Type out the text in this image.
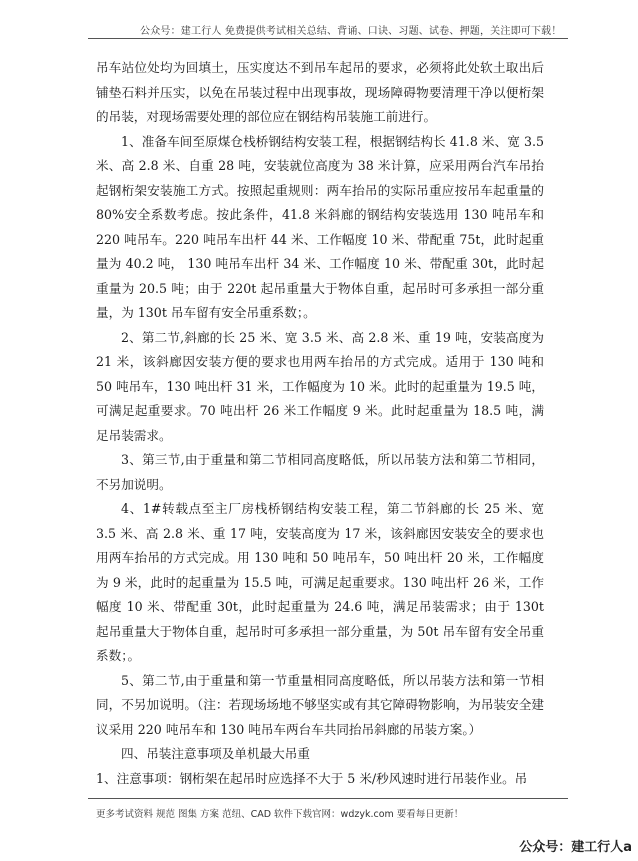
公众号：建工行人 免费提供考试相关总结、背诵、口诀、习题、试卷、押题，关注即可下载！

吊车站位处均为回填土，压实度达不到吊车起吊的要求，必须将此处软土取出后铺垫石料并压实，以免在吊装过程中出现事故，现场障碍物要清理干净以便桁架的吊装，对现场需要处理的部位应在钢结构吊装施工前进行。

1、准备车间至原煤仓栈桥钢结构安装工程，根据钢结构长 41.8 米、宽 3.5 米、高 2.8 米、自重 28 吨，安装就位高度为 38 米计算，应采用两台汽车吊抬起钢桁架安装施工方式。按照起重规则：两车抬吊的实际吊重应按吊车起重量的 80%安全系数考虑。按此条件，41.8 米斜廊的钢结构安装选用 130 吨吊车和 220 吨吊车。220 吨吊车出杆 44 米、工作幅度 10 米、带配重 75t，此时起重量为 40.2 吨， 130 吨吊车出杆 34 米、工作幅度 10 米、带配重 30t，此时起重量为 20.5 吨；由于 220t 起吊重量大于物体自重，起吊时可多承担一部分重量，为 130t 吊车留有安全吊重系数；。

2、第二节,斜廊的长 25 米、宽 3.5 米、高 2.8 米、重 19 吨，安装高度为 21 米，该斜廊因安装方便的要求也用两车抬吊的方式完成。适用于 130 吨和 50 吨吊车，130 吨出杆 31 米，工作幅度为 10 米。此时的起重量为 19.5 吨，可满足起重要求。70 吨出杆 26 米工作幅度 9 米。此时起重量为 18.5 吨，满足吊装需求。

3、第三节,由于重量和第二节相同高度略低，所以吊装方法和第二节相同，不另加说明。

4、1#转载点至主厂房栈桥钢结构安装工程，第二节斜廊的长 25 米、宽 3.5 米、高 2.8 米、重 17 吨，安装高度为 17 米，该斜廊因安装安全的要求也用两车抬吊的方式完成。用 130 吨和 50 吨吊车，50 吨出杆 20 米，工作幅度为 9 米，此时的起重量为 15.5 吨，可满足起重要求。130 吨出杆 26 米，工作幅度 10 米、带配重 30t，此时起重量为 24.6 吨，满足吊装需求；由于 130t 起吊重量大于物体自重，起吊时可多承担一部分重量，为 50t 吊车留有安全吊重系数；。

5、第二节,由于重量和第一节重量相同高度略低，所以吊装方法和第一节相同，不另加说明。（注：若现场场地不够坚实或有其它障碍物影响，为吊装安全建议采用 220 吨吊车和 130 吨吊车两台车共同抬吊斜廊的吊装方案。）

四、吊装注意事项及单机最大吊重

1、注意事项：钢桁架在起吊时应选择不大于 5 米/秒风速时进行吊装作业。吊

更多考试资料 规范 图集 方案 范纽、CAD 软件下载官网：wdzyk.com 要看每日更新！
公众号：建工行人a
